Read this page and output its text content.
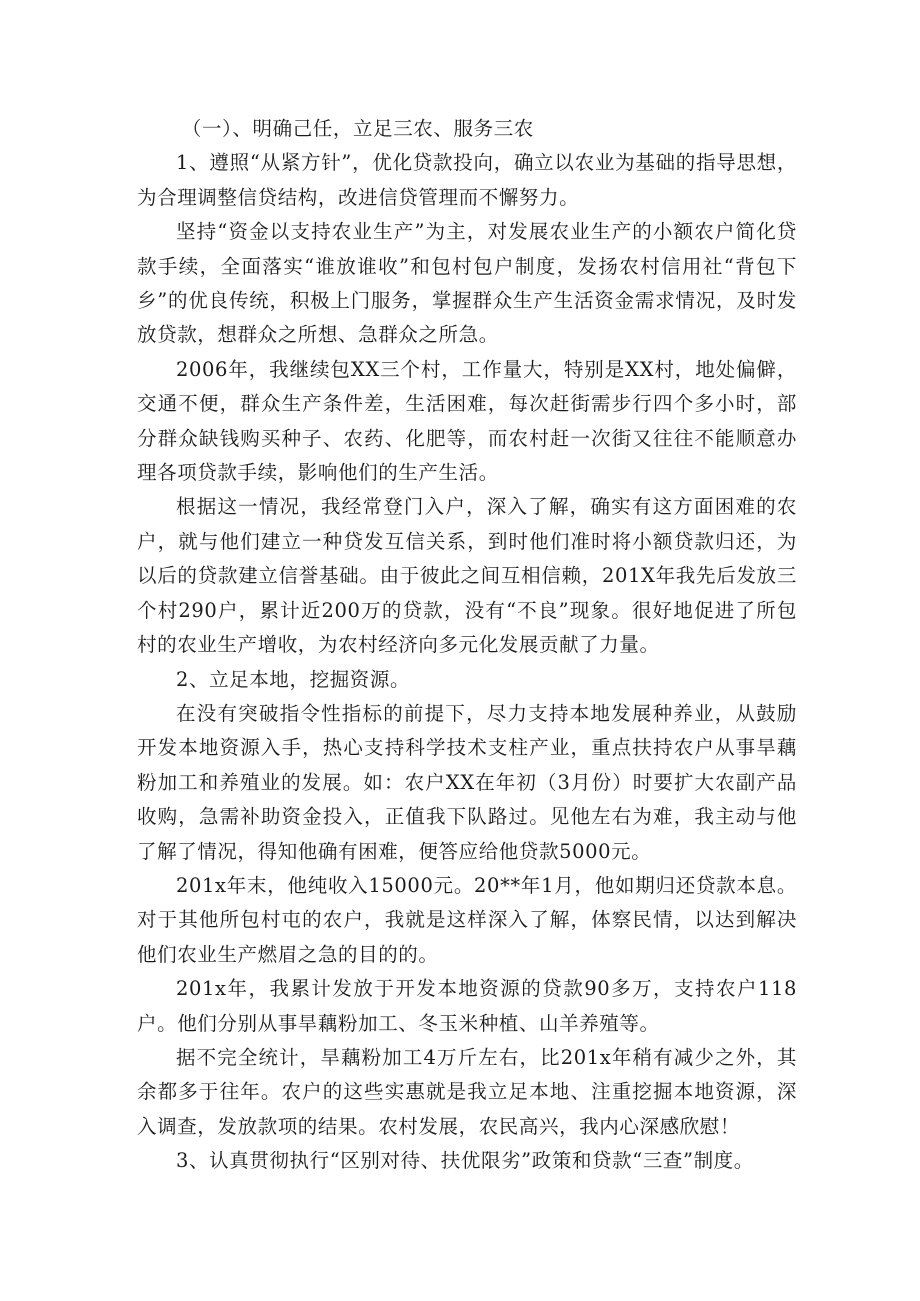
（一）、明确己任，立足三农、服务三农

1、遵照“从紧方针”，优化贷款投向，确立以农业为基础的指导思想，为合理调整信贷结构，改进信贷管理而不懈努力。

坚持“资金以支持农业生产”为主，对发展农业生产的小额农户简化贷款手续，全面落实“谁放谁收”和包村包户制度，发扬农村信用社“背包下乡”的优良传统，积极上门服务，掌握群众生产生活资金需求情况，及时发放贷款，想群众之所想、急群众之所急。

2006年，我继续包XX三个村，工作量大，特别是XX村，地处偏僻，交通不便，群众生产条件差，生活困难，每次赶街需步行四个多小时，部分群众缺钱购买种子、农药、化肥等，而农村赶一次街又往往不能顺意办理各项贷款手续，影响他们的生产生活。

根据这一情况，我经常登门入户，深入了解，确实有这方面困难的农户，就与他们建立一种贷发互信关系，到时他们准时将小额贷款归还，为以后的贷款建立信誉基础。由于彼此之间互相信赖，201X年我先后发放三个村290户，累计近200万的贷款，没有“不良”现象。很好地促进了所包村的农业生产增收，为农村经济向多元化发展贡献了力量。

2、立足本地，挖掘资源。

在没有突破指令性指标的前提下，尽力支持本地发展种养业，从鼓励开发本地资源入手，热心支持科学技术支柱产业，重点扶持农户从事旱藕粉加工和养殖业的发展。如：农户XX在年初（3月份）时要扩大农副产品收购，急需补助资金投入，正值我下队路过。见他左右为难，我主动与他了解了情况，得知他确有困难，便答应给他贷款5000元。

201x年末，他纯收入15000元。20**年1月，他如期归还贷款本息。对于其他所包村屯的农户，我就是这样深入了解，体察民情，以达到解决他们农业生产燃眉之急的目的的。

201x年，我累计发放于开发本地资源的贷款90多万，支持农户118户。他们分别从事旱藕粉加工、冬玉米种植、山羊养殖等。

据不完全统计，旱藕粉加工4万斤左右，比201x年稍有减少之外，其余都多于往年。农户的这些实惠就是我立足本地、注重挖掘本地资源，深入调查，发放款项的结果。农村发展，农民高兴，我内心深感欣慰！

3、认真贯彻执行“区别对待、扶优限劣”政策和贷款“三查”制度。
